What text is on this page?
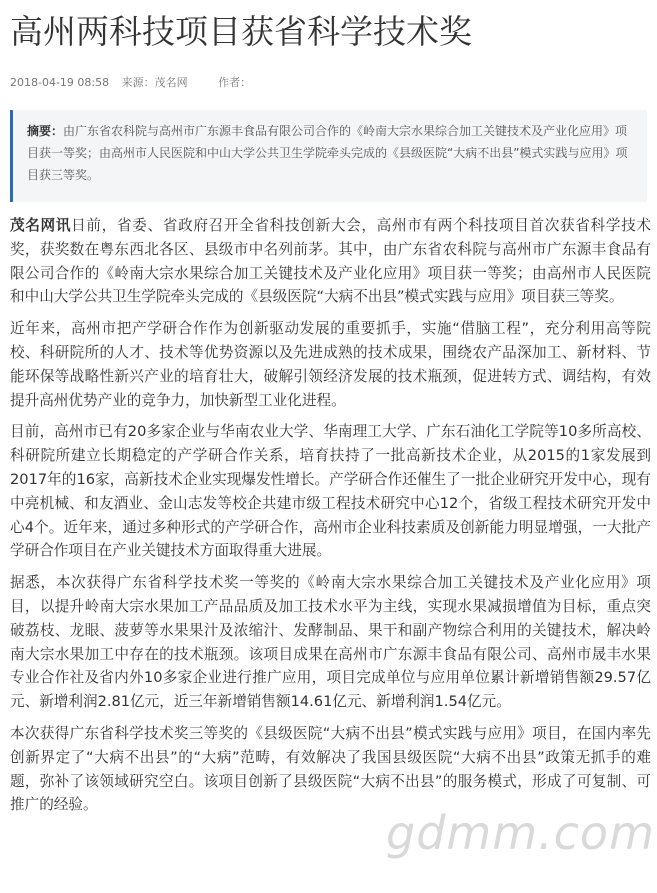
高州两科技项目获省科学技术奖
2018-04-19 08:58 来源：茂名网	作者：
摘要：由广东省农科院与高州市广东源丰食品有限公司合作的《岭南大宗水果综合加工关键技术及产业化应用》项目获一等奖；由高州市人民医院和中山大学公共卫生学院牵头完成的《县级医院“大病不出县”模式实践与应用》项目获三等奖。

茂名网讯日前，省委、省政府召开全省科技创新大会，高州市有两个科技项目首次获省科学技术奖，获奖数在粤东西北各区、县级市中名列前茅。其中，由广东省农科院与高州市广东源丰食品有限公司合作的《岭南大宗水果综合加工关键技术及产业化应用》项目获一等奖；由高州市人民医院和中山大学公共卫生学院牵头完成的《县级医院“大病不出县”模式实践与应用》项目获三等奖。

近年来，高州市把产学研合作作为创新驱动发展的重要抓手，实施“借脑工程”，充分利用高等院校、科研院所的人才、技术等优势资源以及先进成熟的技术成果，围绕农产品深加工、新材料、节能环保等战略性新兴产业的培育壮大，破解引领经济发展的技术瓶颈，促进转方式、调结构，有效提升高州优势产业的竞争力，加快新型工业化进程。

目前，高州市已有20多家企业与华南农业大学、华南理工大学、广东石油化工学院等10多所高校、科研院所建立长期稳定的产学研合作关系，培育扶持了一批高新技术企业，从2015的1家发展到2017年的16家，高新技术企业实现爆发性增长。产学研合作还催生了一批企业研究开发中心，现有中亮机械、和友酒业、金山志发等校企共建市级工程技术研究中心12个，省级工程技术研究开发中心4个。近年来，通过多种形式的产学研合作，高州市企业科技素质及创新能力明显增强，一大批产学研合作项目在产业关键技术方面取得重大进展。

据悉，本次获得广东省科学技术奖一等奖的《岭南大宗水果综合加工关键技术及产业化应用》项目，以提升岭南大宗水果加工产品品质及加工技术水平为主线，实现水果减损增值为目标，重点突破荔枝、龙眼、菠萝等水果果汁及浓缩汁、发酵制品、果干和副产物综合利用的关键技术，解决岭南大宗水果加工中存在的技术瓶颈。该项目成果在高州市广东源丰食品有限公司、高州市晟丰水果专业合作社及省内外10多家企业进行推广应用，项目完成单位与应用单位累计新增销售额29.57亿元、新增利润2.81亿元，近三年新增销售额14.61亿元、新增利润1.54亿元。

本次获得广东省科学技术奖三等奖的《县级医院“大病不出县”模式实践与应用》项目，在国内率先创新界定了“大病不出县”的“大病”范畴，有效解决了我国县级医院“大病不出县”政策无抓手的难题，弥补了该领域研究空白。该项目创新了县级医院“大病不出县”的服务模式，形成了可复制、可推广的经验。

gdmm.com
